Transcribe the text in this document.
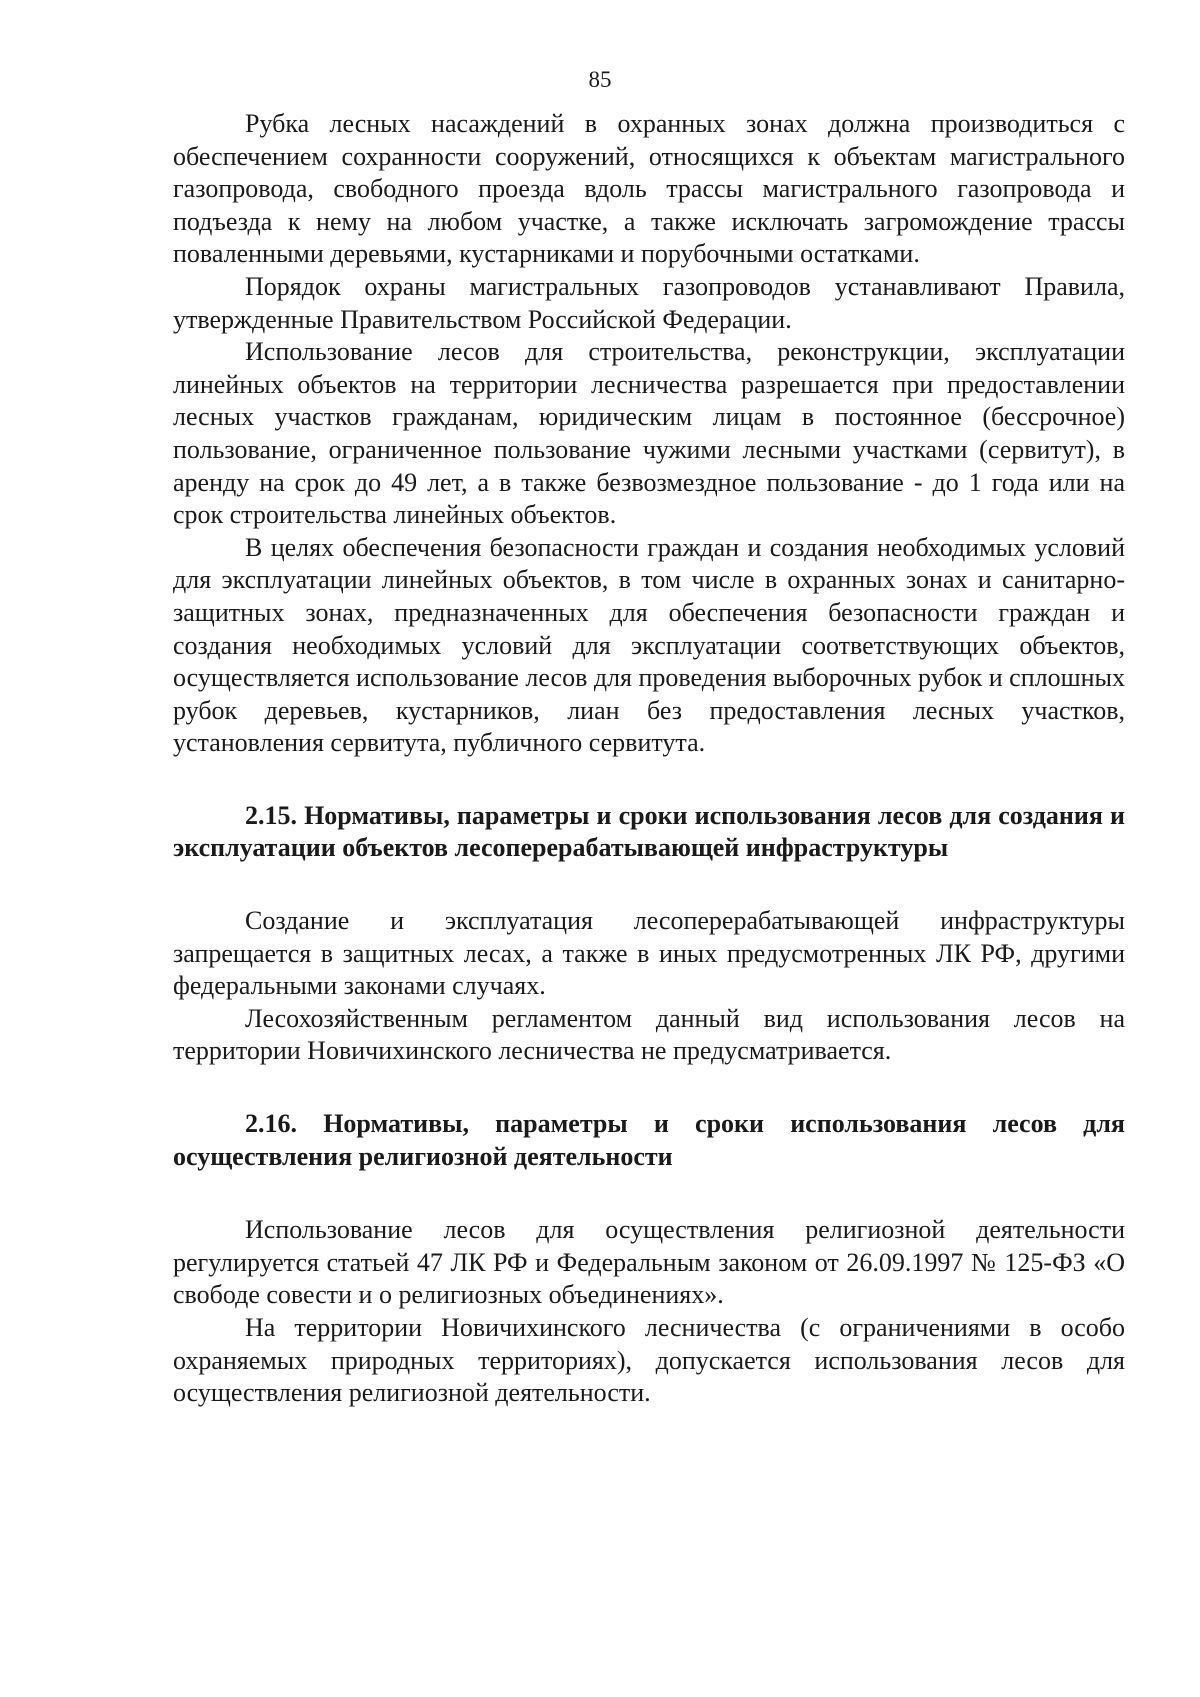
85

Рубка лесных насаждений в охранных зонах должна производиться с обеспечением сохранности сооружений, относящихся к объектам магистрального газопровода, свободного проезда вдоль трассы магистрального газопровода и подъезда к нему на любом участке, а также исключать загромождение трассы поваленными деревьями, кустарниками и порубочными остатками.

Порядок охраны магистральных газопроводов устанавливают Правила, утвержденные Правительством Российской Федерации.

Использование лесов для строительства, реконструкции, эксплуатации линейных объектов на территории лесничества разрешается при предоставлении лесных участков гражданам, юридическим лицам в постоянное (бессрочное) пользование, ограниченное пользование чужими лесными участками (сервитут), в аренду на срок до 49 лет, а в также безвозмездное пользование - до 1 года или на срок строительства линейных объектов.

В целях обеспечения безопасности граждан и создания необходимых условий для эксплуатации линейных объектов, в том числе в охранных зонах и санитарно-защитных зонах, предназначенных для обеспечения безопасности граждан и создания необходимых условий для эксплуатации соответствующих объектов, осуществляется использование лесов для проведения выборочных рубок и сплошных рубок деревьев, кустарников, лиан без предоставления лесных участков, установления сервитута, публичного сервитута.

2.15. Нормативы, параметры и сроки использования лесов для создания и эксплуатации объектов лесоперерабатывающей инфраструктуры

Создание и эксплуатация лесоперерабатывающей инфраструктуры запрещается в защитных лесах, а также в иных предусмотренных ЛК РФ, другими федеральными законами случаях.

Лесохозяйственным регламентом данный вид использования лесов на территории Новичихинского лесничества не предусматривается.

2.16. Нормативы, параметры и сроки использования лесов для осуществления религиозной деятельности

Использование лесов для осуществления религиозной деятельности регулируется статьей 47 ЛК РФ и Федеральным законом от 26.09.1997 № 125-ФЗ «О свободе совести и о религиозных объединениях».

На территории Новичихинского лесничества (с ограничениями в особо охраняемых природных территориях), допускается использования лесов для осуществления религиозной деятельности.
